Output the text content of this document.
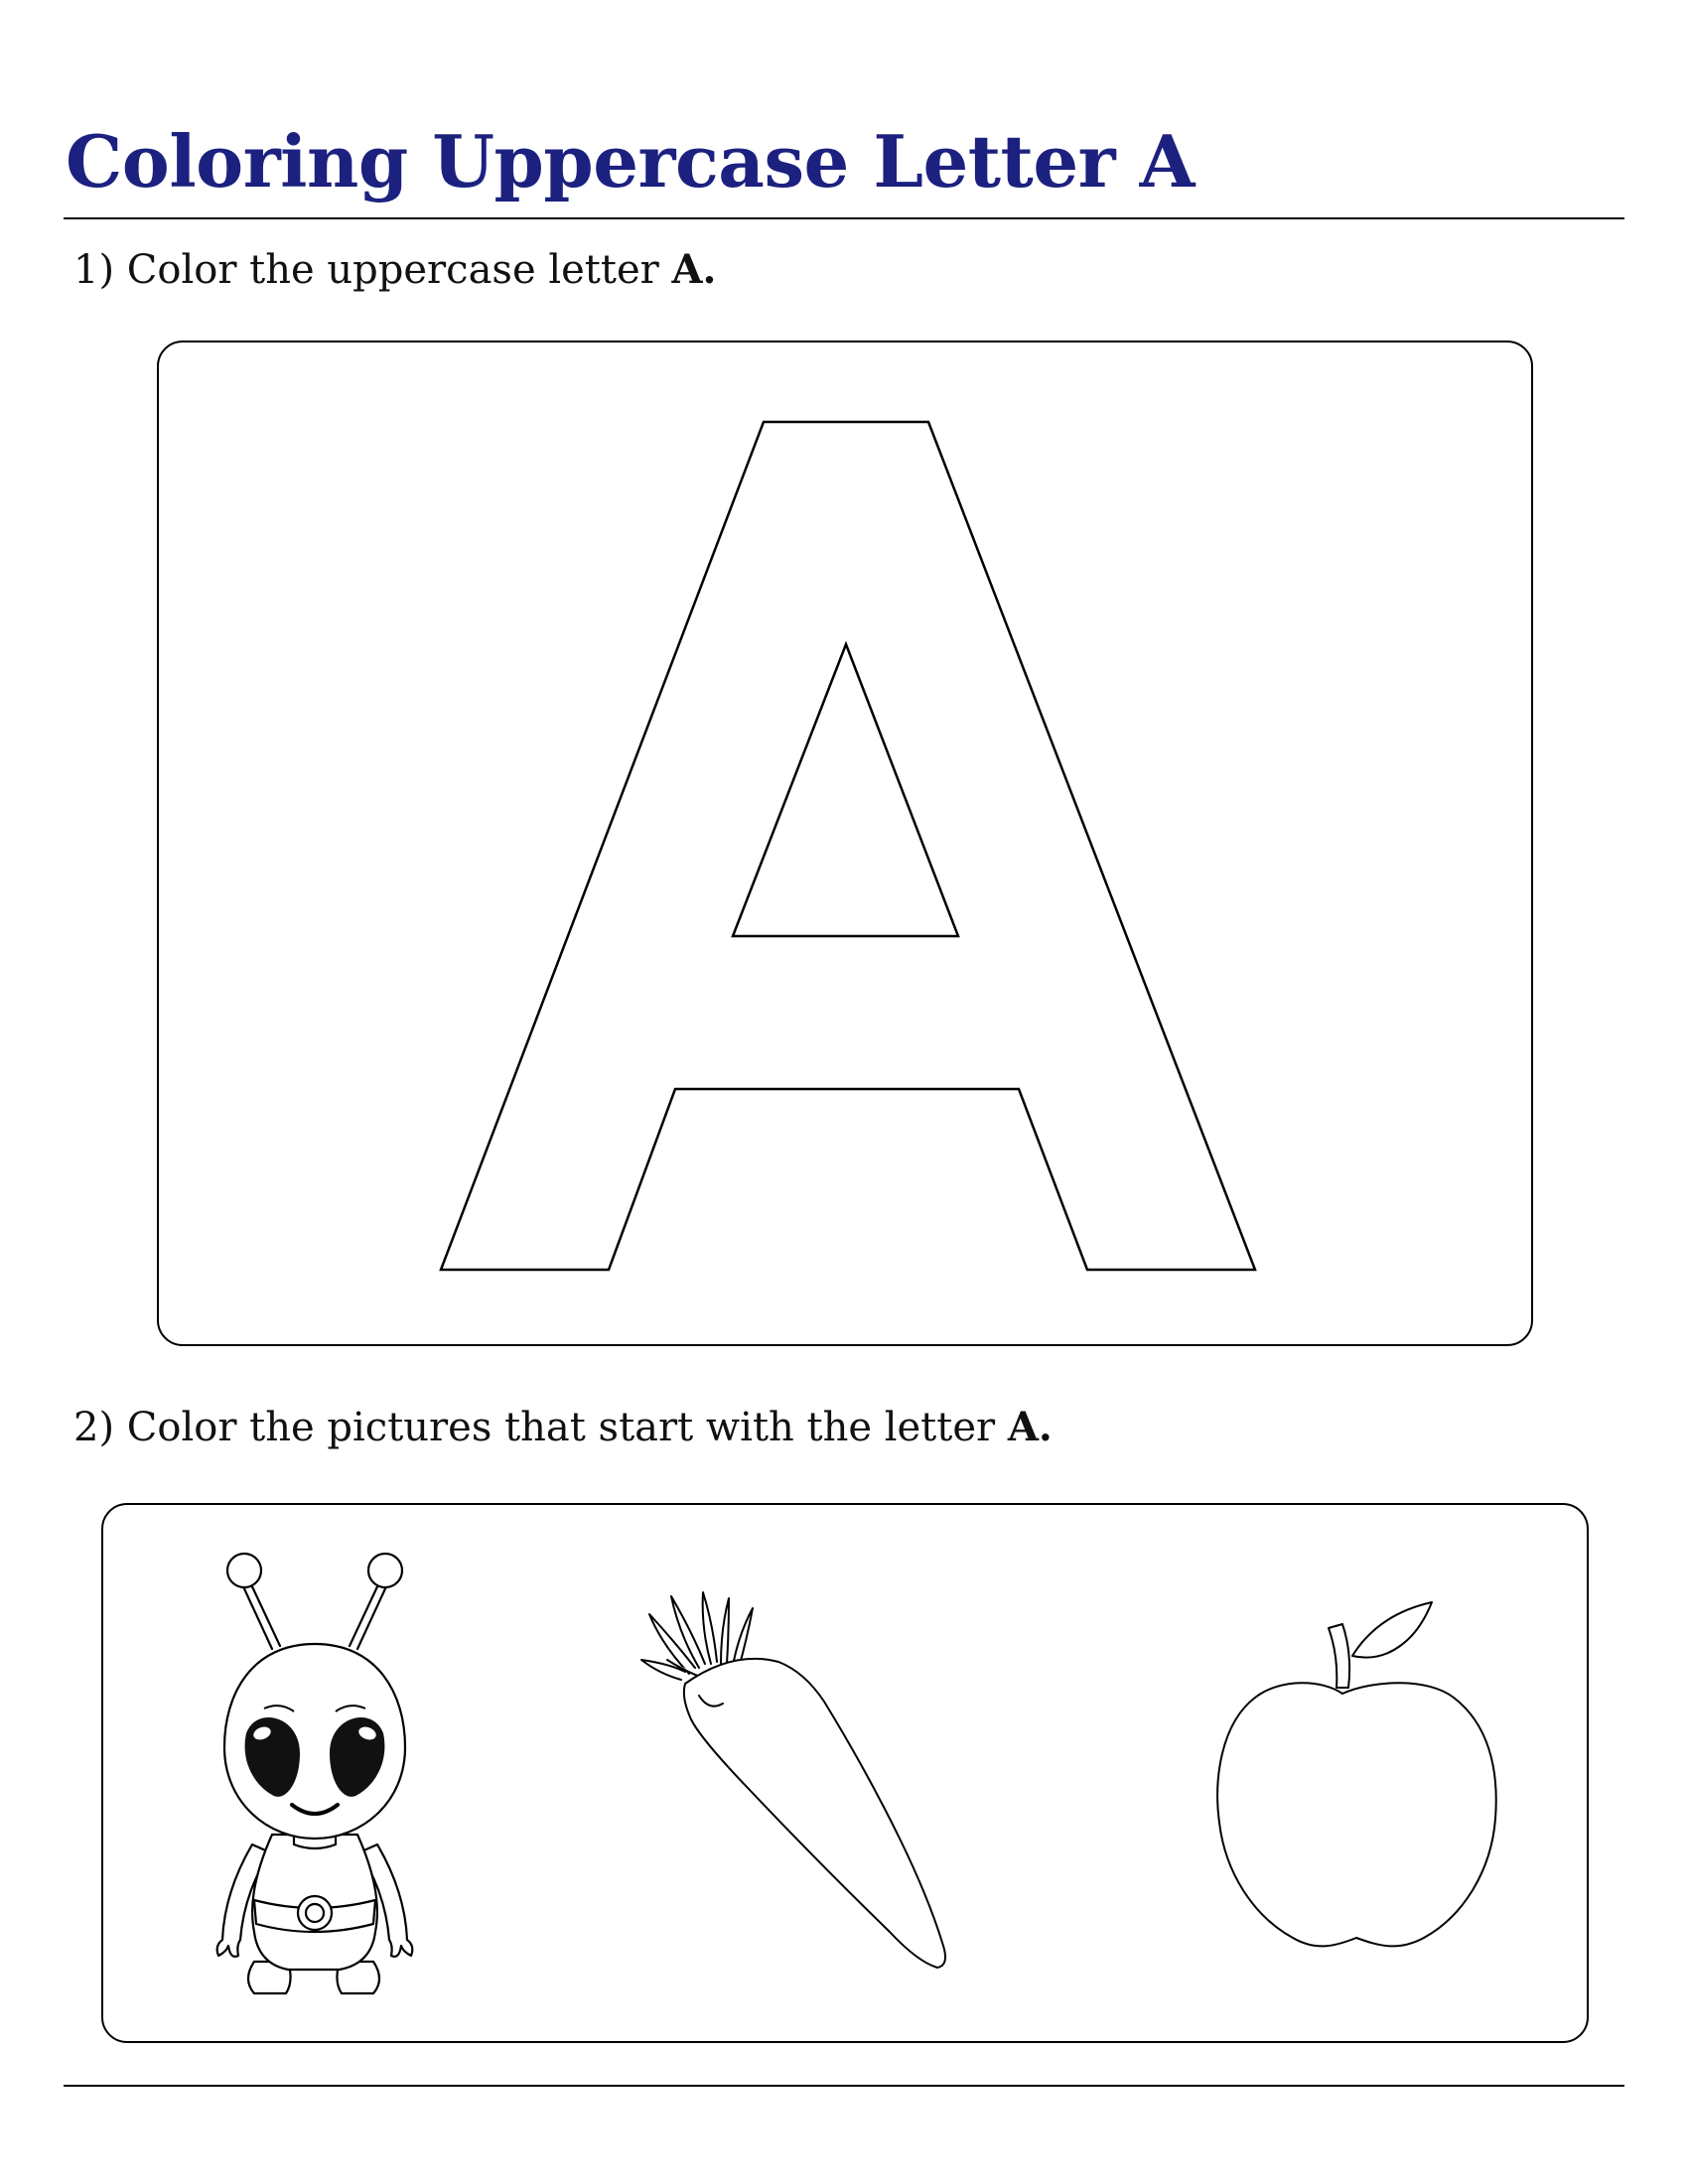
Coloring Uppercase Letter A

1) Color the uppercase letter A.

2) Color the pictures that start with the letter A.
